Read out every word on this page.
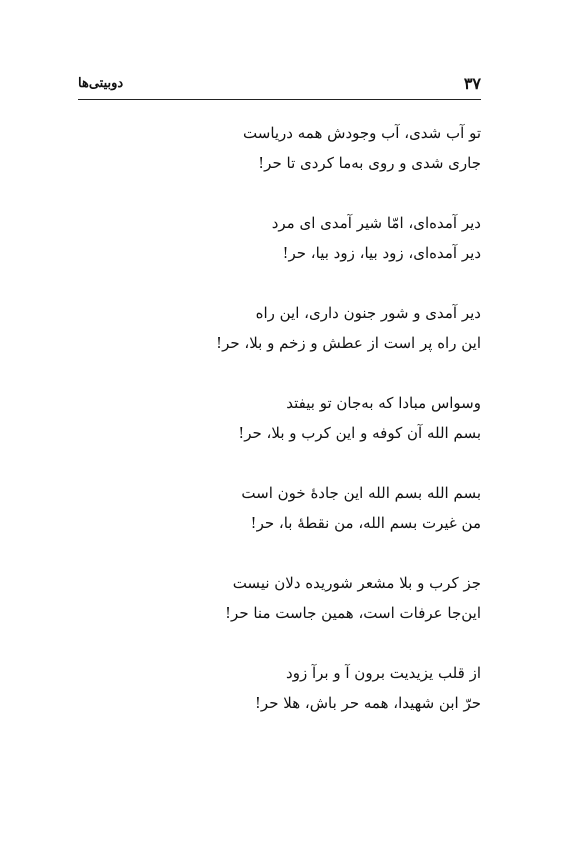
۳۷
دوبیتی‌ها
تو آب شدی، آب وجودش همه دریاست
جاری شدی و روی به‌ما کردی تا حر!
دیر آمده‌ای، امّا شیر آمدی ای مرد
دیر آمده‌ای، زود بیا، زود بیا، حر!
دیر آمدی و شور جنون داری، این راه
این راه پر است از عطش و زخم و بلا، حر!
وسواس مبادا که به‌جان تو بیفتد
بسم الله آن کوفه و این کرب و بلا، حر!
بسم الله بسم الله این جادهٔ خون است
من غیرت بسم الله، من نقطهٔ با، حر!
جز کرب و بلا مشعر شوریده دلان نیست
این‌جا عرفات است، همین جاست منا حر!
از قلب یزیدیت برون آ و برآ زود
حرّ ابن شهیدا، همه حر باش، هلا حر!
